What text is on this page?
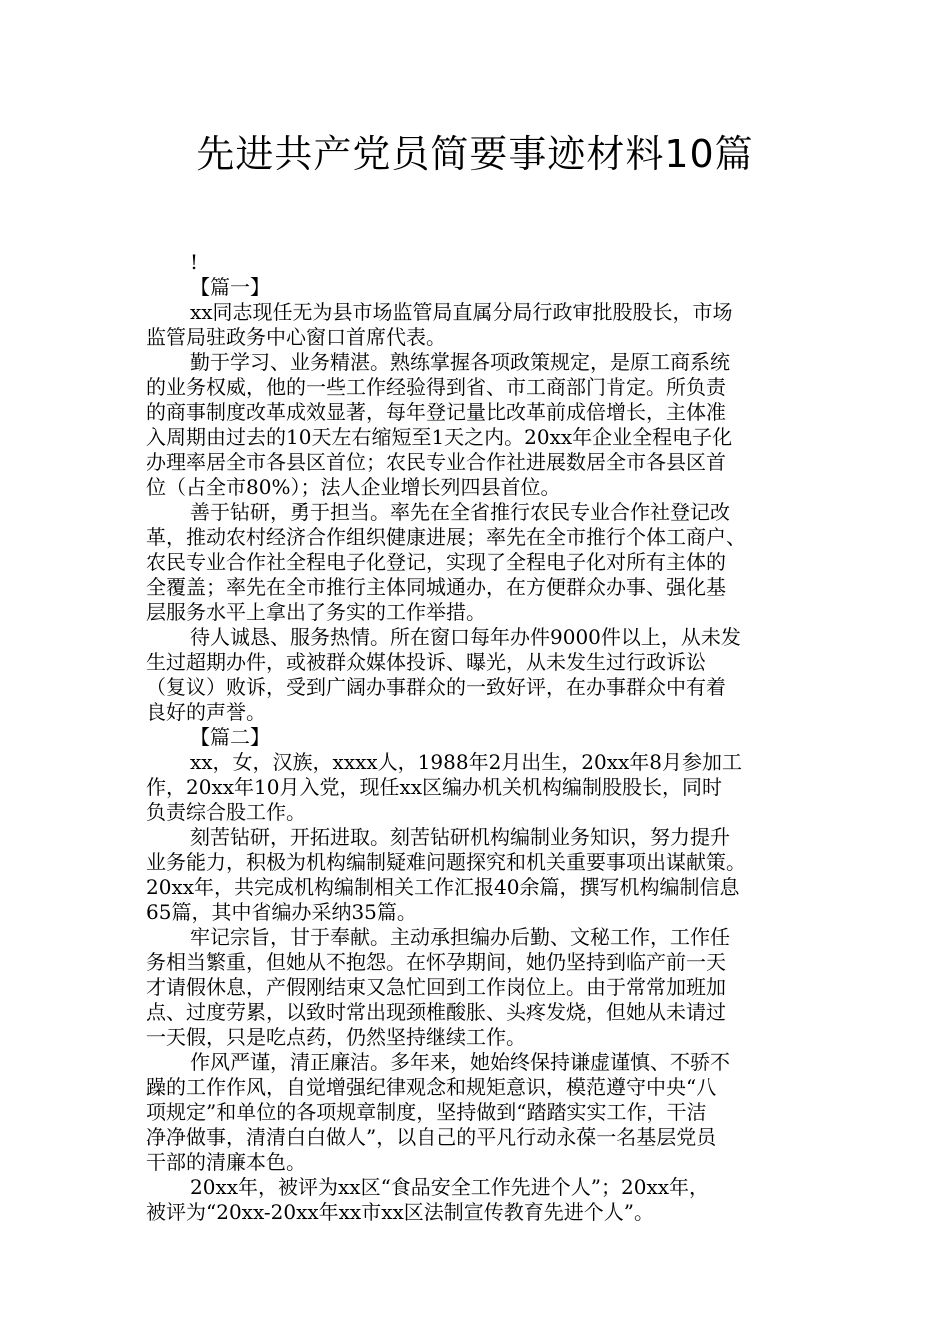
先进共产党员简要事迹材料10篇
!
【篇一】
xx同志现任无为县市场监管局直属分局行政审批股股长，市场
监管局驻政务中心窗口首席代表。
勤于学习、业务精湛。熟练掌握各项政策规定，是原工商系统
的业务权威，他的一些工作经验得到省、市工商部门肯定。所负责
的商事制度改革成效显著，每年登记量比改革前成倍增长，主体准
入周期由过去的10天左右缩短至1天之内。20xx年企业全程电子化
办理率居全市各县区首位；农民专业合作社进展数居全市各县区首
位（占全市80%）；法人企业增长列四县首位。
善于钻研，勇于担当。率先在全省推行农民专业合作社登记改
革，推动农村经济合作组织健康进展；率先在全市推行个体工商户、
农民专业合作社全程电子化登记，实现了全程电子化对所有主体的
全覆盖；率先在全市推行主体同城通办，在方便群众办事、强化基
层服务水平上拿出了务实的工作举措。
待人诚恳、服务热情。所在窗口每年办件9000件以上，从未发
生过超期办件，或被群众媒体投诉、曝光，从未发生过行政诉讼
（复议）败诉，受到广阔办事群众的一致好评，在办事群众中有着
良好的声誉。
【篇二】
xx，女，汉族，xxxx人，1988年2月出生，20xx年8月参加工
作，20xx年10月入党，现任xx区编办机关机构编制股股长，同时
负责综合股工作。
刻苦钻研，开拓进取。刻苦钻研机构编制业务知识，努力提升
业务能力，积极为机构编制疑难问题探究和机关重要事项出谋献策。
20xx年，共完成机构编制相关工作汇报40余篇，撰写机构编制信息
65篇，其中省编办采纳35篇。
牢记宗旨，甘于奉献。主动承担编办后勤、文秘工作，工作任
务相当繁重，但她从不抱怨。在怀孕期间，她仍坚持到临产前一天
才请假休息，产假刚结束又急忙回到工作岗位上。由于常常加班加
点、过度劳累，以致时常出现颈椎酸胀、头疼发烧，但她从未请过
一天假，只是吃点药，仍然坚持继续工作。
作风严谨，清正廉洁。多年来，她始终保持谦虚谨慎、不骄不
躁的工作作风，自觉增强纪律观念和规矩意识，模范遵守中央“八
项规定”和单位的各项规章制度，坚持做到“踏踏实实工作，干洁
净净做事，清清白白做人”，以自己的平凡行动永葆一名基层党员
干部的清廉本色。
20xx年，被评为xx区“食品安全工作先进个人”；20xx年，
被评为“20xx-20xx年xx市xx区法制宣传教育先进个人”。
